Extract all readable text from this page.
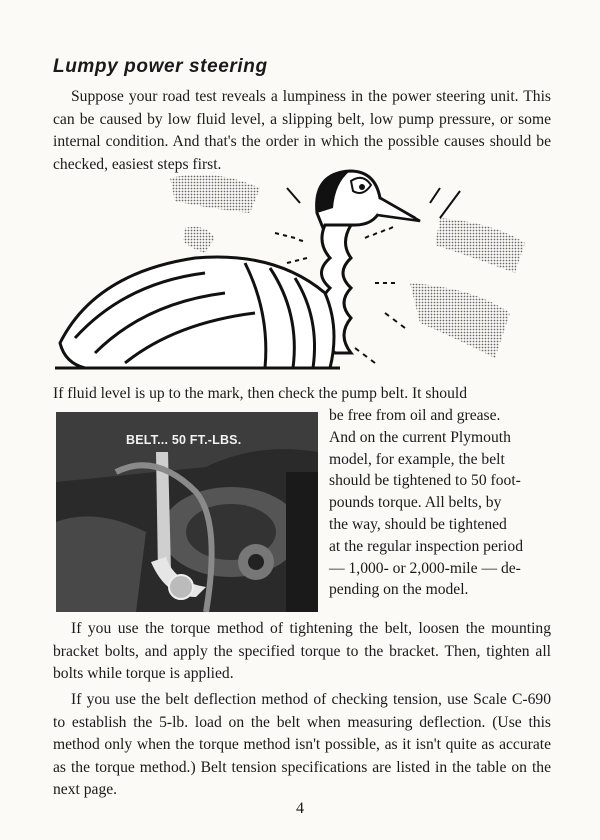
Lumpy power steering

Suppose your road test reveals a lumpiness in the power steering unit. This can be caused by low fluid level, a slipping belt, low pump pressure, or some internal condition. And that's the order in which the possible causes should be checked, easiest steps first.

If fluid level is up to the mark, then check the pump belt. It should

BELT... 50 FT.-LBS.

be free from oil and grease.
And on the current Plymouth
model, for example, the belt
should be tightened to 50 foot-
pounds torque. All belts, by
the way, should be tightened
at the regular inspection period
— 1,000- or 2,000-mile — de-
pending on the model.

If you use the torque method of tightening the belt, loosen the mounting bracket bolts, and apply the specified torque to the bracket. Then, tighten all bolts while torque is applied.

If you use the belt deflection method of checking tension, use Scale C-690 to establish the 5-lb. load on the belt when measuring deflection. (Use this method only when the torque method isn't possible, as it isn't quite as accurate as the torque method.) Belt tension specifications are listed in the table on the next page.

4
